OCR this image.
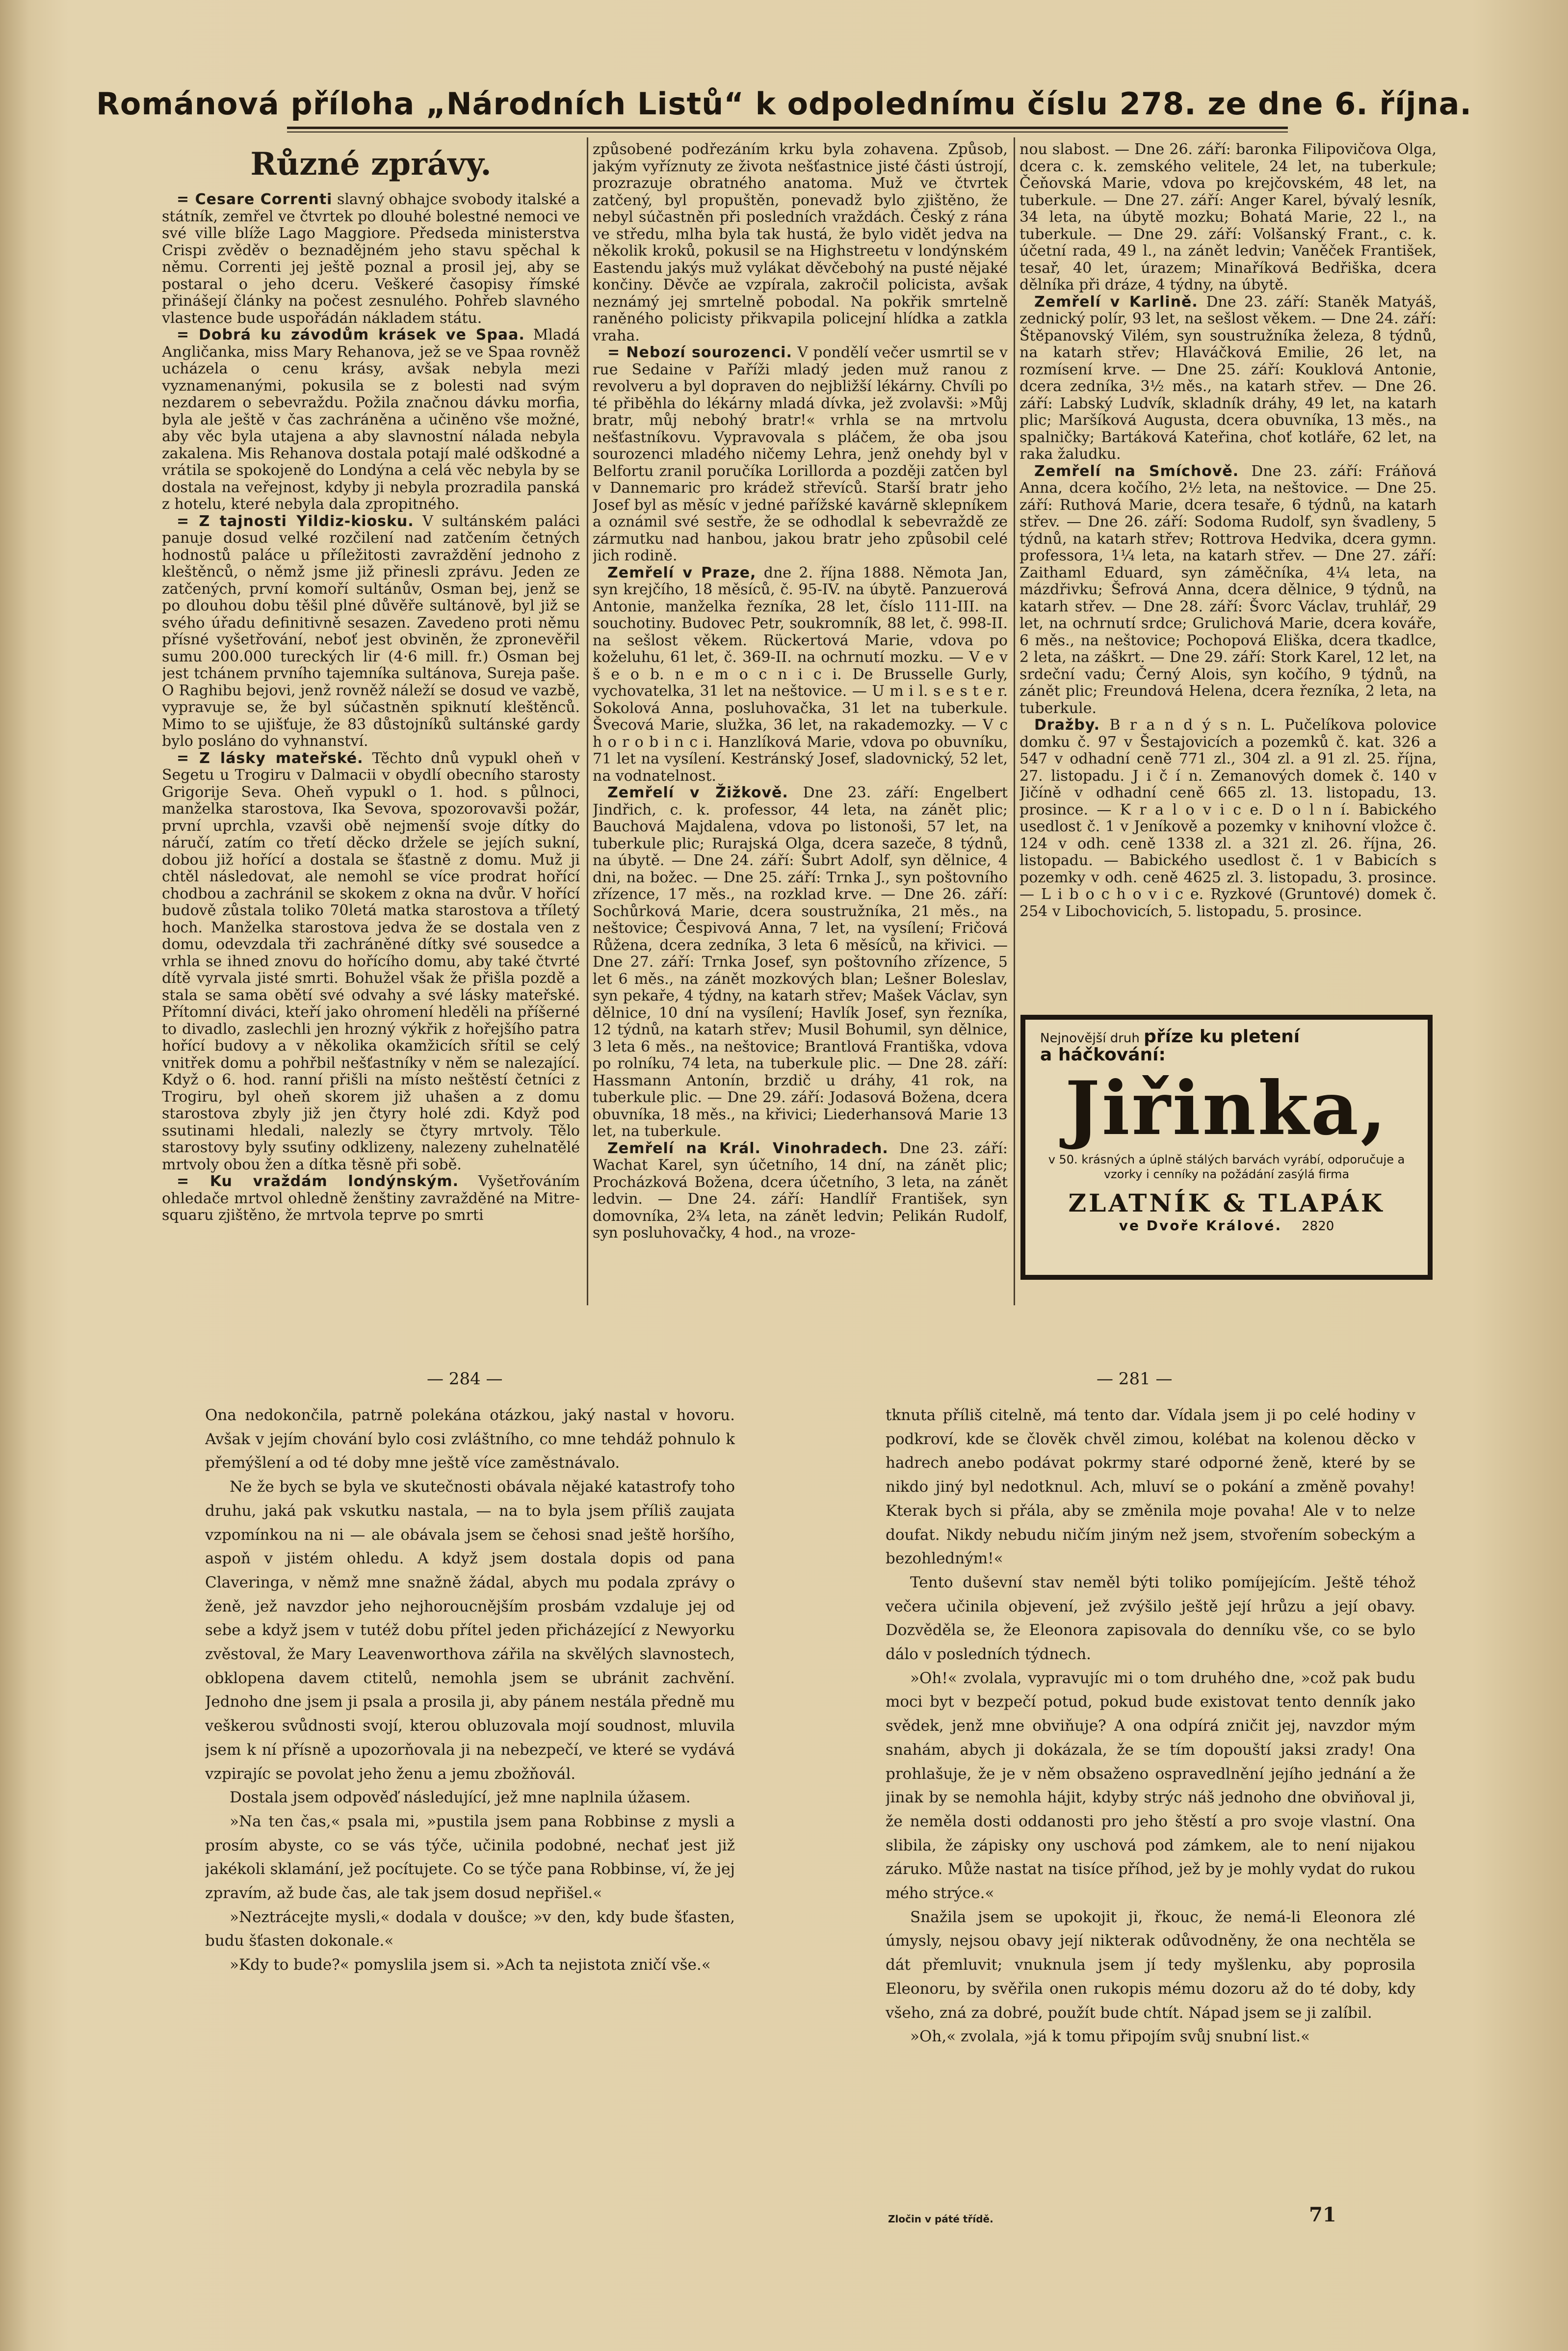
Románová příloha „Národních Listů“ k odpolednímu číslu 278. ze dne 6. října.
Různé zprávy.

= Cesare Correnti slavný obhajce svobody italské a státník, zemřel ve čtvrtek po dlouhé bolestné nemoci ve své ville blíže Lago Maggiore. Předseda ministerstva Crispi zvěděv o beznadějném jeho stavu spěchal k němu. Correnti jej ještě poznal a prosil jej, aby se postaral o jeho dceru. Veškeré časopisy římské přinášejí články na počest zesnulého. Pohřeb slavného vlastence bude uspořádán nákladem státu.

= Dobrá ku závodům krásek ve Spaa. Mladá Angličanka, miss Mary Rehanova, jež se ve Spaa rovněž ucházela o cenu krásy, avšak nebyla mezi vyznamenanými, pokusila se z bolesti nad svým nezdarem o sebevraždu. Požila značnou dávku morfia, byla ale ještě v čas zachráněna a učiněno vše možné, aby věc byla utajena a aby slavnostní nálada nebyla zakalena. Mis Rehanova dostala potají malé odškodné a vrátila se spokojeně do Londýna a celá věc nebyla by se dostala na veřejnost, kdyby ji nebyla prozradila panská z hotelu, které nebyla dala zpropitného.

= Z tajnosti Yildiz-kiosku. V sultánském paláci panuje dosud velké rozčilení nad zatčením četných hodnostů paláce u příležitosti zavraždění jednoho z kleštěnců, o němž jsme již přinesli zprávu. Jeden ze zatčených, první komoří sultánův, Osman bej, jenž se po dlouhou dobu těšil plné důvěře sultánově, byl již se svého úřadu definitivně sesazen. Zavedeno proti němu přísné vyšetřování, neboť jest obviněn, že zpronevěřil sumu 200.000 tureckých lir (4·6 mill. fr.) Osman bej jest tchánem prvního tajemníka sultánova, Sureja paše. O Raghibu bejovi, jenž rovněž náleží se dosud ve vazbě, vypravuje se, že byl súčastněn spiknutí kleštěnců. Mimo to se ujišťuje, že 83 důstojníků sultánské gardy bylo posláno do vyhnanství.

= Z lásky mateřské. Těchto dnů vypukl oheň v Segetu u Trogiru v Dalmacii v obydlí obecního starosty Grigorije Seva. Oheň vypukl o 1. hod. s půlnoci, manželka starostova, Ika Sevova, spozorovavši požár, první uprchla, vzavši obě nejmenší svoje dítky do náručí, zatím co třetí děcko držele se jejích sukní, dobou již hořící a dostala se šťastně z domu. Muž ji chtěl následovat, ale nemohl se více prodrat hořící chodbou a zachránil se skokem z okna na dvůr. V hořící budově zůstala toliko 70letá matka starostova a tříletý hoch. Manželka starostova jedva že se dostala ven z domu, odevzdala tři zachráněné dítky své sousedce a vrhla se ihned znovu do hořícího domu, aby také čtvrté dítě vyrvala jisté smrti. Bohužel však že přišla pozdě a stala se sama obětí své odvahy a své lásky mateřské. Přítomní diváci, kteří jako ohromení hleděli na příšerné to divadlo, zaslechli jen hrozný výkřik z hořejšího patra hořící budovy a v několika okamžicích sřítil se celý vnitřek domu a pohřbil nešťastníky v něm se nalezající. Když o 6. hod. ranní přišli na místo neštěstí četníci z Trogiru, byl oheň skorem již uhašen a z domu starostova zbyly již jen čtyry holé zdi. Když pod ssutinami hledali, nalezly se čtyry mrtvoly. Tělo starostovy byly ssuťiny odklizeny, nalezeny zuhelnatělé mrtvoly obou žen a dítka těsně při sobě.

= Ku vraždám londýnským. Vyšetřováním ohledače mrtvol ohledně ženštiny zavražděné na Mitre-squaru zjištěno, že mrtvola teprve po smrti

způsobené podřezáním krku byla zohavena. Způsob, jakým vyříznuty ze života nešťastnice jisté části ústrojí, prozrazuje obratného anatoma. Muž ve čtvrtek zatčený, byl propuštěn, ponevadž bylo zjištěno, že nebyl súčastněn při posledních vraždách. Český z rána ve středu, mlha byla tak hustá, že bylo vidět jedva na několik kroků, pokusil se na Highstreetu v londýnském Eastendu jakýs muž vylákat děvčebohý na pusté nějaké končiny. Děvče ae vzpírala, zakročil policista, avšak neznámý jej smrtelně pobodal. Na pokřik smrtelně raněného policisty přikvapila policejní hlídka a zatkla vraha.

= Nebozí sourozenci. V pondělí večer usmrtil se v rue Sedaine v Paříži mladý jeden muž ranou z revolveru a byl dopraven do nejbližší lékárny. Chvíli po té přiběhla do lékárny mladá dívka, jež zvolavši: »Můj bratr, můj nebohý bratr!« vrhla se na mrtvolu nešťastníkovu. Vypravovala s pláčem, že oba jsou sourozenci mladého ničemy Lehra, jenž onehdy byl v Belfortu zranil poručíka Lorillorda a později zatčen byl v Dannemaric pro krádež střevíců. Starší bratr jeho Josef byl as měsíc v jedné pařížské kavárně sklepníkem a oznámil své sestře, že se odhodlal k sebevraždě ze zármutku nad hanbou, jakou bratr jeho způsobil celé jich rodině.

Zemřelí v Praze, dne 2. října 1888. Němota Jan, syn krejčího, 18 měsíců, č. 95-IV. na úbytě. Panzuerová Antonie, manželka řezníka, 28 let, číslo 111-III. na souchotiny. Budovec Petr, soukromník, 88 let, č. 998-II. na sešlost věkem. Rückertová Marie, vdova po koželuhu, 61 let, č. 369-II. na ochrnutí mozku. — V e v š e o b. n e m o c n i c i. De Brusselle Gurly, vychovatelka, 31 let na neštovice. — U m i l. s e s t e r. Sokolová Anna, posluhovačka, 31 let na tuberkule. Švecová Marie, služka, 36 let, na rakademozky. — V c h o r o b i n c i. Hanzlíková Marie, vdova po obuvníku, 71 let na vysílení. Kestránský Josef, sladovnický, 52 let, na vodnatelnost.

Zemřelí v Žižkově. Dne 23. září: Engelbert Jindřich, c. k. professor, 44 leta, na zánět plic; Bauchová Majdalena, vdova po listonoši, 57 let, na tuberkule plic; Rurajská Olga, dcera sazeče, 8 týdnů, na úbytě. — Dne 24. září: Šubrt Adolf, syn dělnice, 4 dni, na božec. — Dne 25. září: Trnka J., syn poštovního zřízence, 17 měs., na rozklad krve. — Dne 26. září: Sochůrková Marie, dcera soustružníka, 21 měs., na neštovice; Čespivová Anna, 7 let, na vysílení; Fričová Růžena, dcera zedníka, 3 leta 6 měsíců, na křivici. — Dne 27. září: Trnka Josef, syn poštovního zřízence, 5 let 6 měs., na zánět mozkových blan; Lešner Boleslav, syn pekaře, 4 týdny, na katarh střev; Mašek Václav, syn dělnice, 10 dní na vysílení; Havlík Josef, syn řezníka, 12 týdnů, na katarh střev; Musil Bohumil, syn dělnice, 3 leta 6 měs., na neštovice; Brantlová Františka, vdova po rolníku, 74 leta, na tuberkule plic. — Dne 28. září: Hassmann Antonín, brzdič u dráhy, 41 rok, na tuberkule plic. — Dne 29. září: Jodasová Božena, dcera obuvníka, 18 měs., na křivici; Liederhansová Marie 13 let, na tuberkule.

Zemřelí na Král. Vinohradech. Dne 23. září: Wachat Karel, syn účetního, 14 dní, na zánět plic; Procházková Božena, dcera účetního, 3 leta, na zánět ledvin. — Dne 24. září: Handlíř František, syn domovníka, 2¾ leta, na zánět ledvin; Pelikán Rudolf, syn posluhovačky, 4 hod., na vroze-

nou slabost. — Dne 26. září: baronka Filipovičova Olga, dcera c. k. zemského velitele, 24 let, na tuberkule; Čeňovská Marie, vdova po krejčovském, 48 let, na tuberkule. — Dne 27. září: Anger Karel, bývalý lesník, 34 leta, na úbytě mozku; Bohatá Marie, 22 l., na tuberkule. — Dne 29. září: Volšanský Frant., c. k. účetní rada, 49 l., na zánět ledvin; Vaněček František, tesař, 40 let, úrazem; Minaříková Bedřiška, dcera dělníka při dráze, 4 týdny, na úbytě.

Zemřelí v Karlině. Dne 23. září: Staněk Matyáš, zednický polír, 93 let, na sešlost věkem. — Dne 24. září: Štěpanovský Vilém, syn soustružníka železa, 8 týdnů, na katarh střev; Hlaváčková Emilie, 26 let, na rozmísení krve. — Dne 25. září: Kouklová Antonie, dcera zedníka, 3½ měs., na katarh střev. — Dne 26. září: Labský Ludvík, skladník dráhy, 49 let, na katarh plic; Maršíková Augusta, dcera obuvníka, 13 měs., na spalničky; Bartáková Kateřina, choť kotláře, 62 let, na raka žaludku.

Zemřelí na Smíchově. Dne 23. září: Fráňová Anna, dcera kočího, 2½ leta, na neštovice. — Dne 25. září: Ruthová Marie, dcera tesaře, 6 týdnů, na katarh střev. — Dne 26. září: Sodoma Rudolf, syn švadleny, 5 týdnů, na katarh střev; Rottrova Hedvika, dcera gymn. professora, 1¼ leta, na katarh střev. — Dne 27. září: Zaithaml Eduard, syn záměčníka, 4¼ leta, na mázdřivku; Šefrová Anna, dcera dělnice, 9 týdnů, na katarh střev. — Dne 28. září: Švorc Václav, truhlář, 29 let, na ochrnutí srdce; Grulichová Marie, dcera kováře, 6 měs., na neštovice; Pochopová Eliška, dcera tkadlce, 2 leta, na záškrt. — Dne 29. září: Stork Karel, 12 let, na srdeční vadu; Černý Alois, syn kočího, 9 týdnů, na zánět plic; Freundová Helena, dcera řezníka, 2 leta, na tuberkule.

Dražby. B r a n d ý s n. L. Pučelíkova polovice domku č. 97 v Šestajovicích a pozemků č. kat. 326 a 547 v odhadní ceně 771 zl., 304 zl. a 91 zl. 25. října, 27. listopadu. J i č í n. Zemanových domek č. 140 v Jičíně v odhadní ceně 665 zl. 13. listopadu, 13. prosince. — K r a l o v i c e. D o l n í. Babického usedlost č. 1 v Jeníkově a pozemky v knihovní vložce č. 124 v odh. ceně 1338 zl. a 321 zl. 26. října, 26. listopadu. — Babického usedlost č. 1 v Babicích s pozemky v odh. ceně 4625 zl. 3. listopadu, 3. prosince. — L i b o c h o v i c e. Ryzkové (Gruntové) domek č. 254 v Libochovicích, 5. listopadu, 5. prosince.

Nejnovější druh příze ku pletení
a háčkování:
Jiřinka,
v 50. krásných a úplně stálých barvách vyrábí, odporučuje a vzorky i cenníky na požádání zasýlá firma
ZLATNÍK & TLAPÁK
ve Dvoře Králové. 2820
— 284 —	— 281 —

Ona nedokončila, patrně polekána otázkou, jaký nastal v hovoru. Avšak v jejím chování bylo cosi zvláštního, co mne tehdáž pohnulo k přemýšlení a od té doby mne ještě více zaměstnávalo.

Ne že bych se byla ve skutečnosti obávala nějaké katastrofy toho druhu, jaká pak vskutku nastala, — na to byla jsem příliš zaujata vzpomínkou na ni — ale obávala jsem se čehosi snad ještě horšího, aspoň v jistém ohledu. A když jsem dostala dopis od pana Claveringa, v němž mne snažně žádal, abych mu podala zprávy o ženě, jež navzdor jeho nejhoroucnějším prosbám vzdaluje jej od sebe a když jsem v tutéž dobu přítel jeden přicházející z Newyorku zvěstoval, že Mary Leavenworthova zářila na skvělých slavnostech, obklopena davem ctitelů, nemohla jsem se ubránit zachvění. Jednoho dne jsem ji psala a prosila ji, aby pánem nestála předně mu veškerou svůdnosti svojí, kterou obluzovala mojí soudnost, mluvila jsem k ní přísně a upozorňovala ji na nebezpečí, ve které se vydává vzpirajíc se povolat jeho ženu a jemu zbožňovál.

Dostala jsem odpověď následující, jež mne naplnila úžasem.

»Na ten čas,« psala mi, »pustila jsem pana Robbinse z mysli a prosím abyste, co se vás týče, učinila podobné, nechať jest již jakékoli sklamání, jež pocítujete. Co se týče pana Robbinse, ví, že jej zpravím, až bude čas, ale tak jsem dosud nepřišel.«

»Neztrácejte mysli,« dodala v doušce; »v den, kdy bude šťasten, budu šťasten dokonale.«

»Kdy to bude?« pomyslila jsem si. »Ach ta nejistota zničí vše.«

tknuta příliš citelně, má tento dar. Vídala jsem ji po celé hodiny v podkroví, kde se člověk chvěl zimou, kolébat na kolenou děcko v hadrech anebo podávat pokrmy staré odporné ženě, které by se nikdo jiný byl nedotknul. Ach, mluví se o pokání a změně povahy! Kterak bych si přála, aby se změnila moje povaha! Ale v to nelze doufat. Nikdy nebudu ničím jiným než jsem, stvořením sobeckým a bezohledným!«

Tento duševní stav neměl býti toliko pomíjejícím. Ještě téhož večera učinila objevení, jež zvýšilo ještě její hrůzu a její obavy. Dozvěděla se, že Eleonora zapisovala do denníku vše, co se bylo dálo v posledních týdnech.

»Oh!« zvolala, vypravujíc mi o tom druhého dne, »což pak budu moci byt v bezpečí potud, pokud bude existovat tento denník jako svědek, jenž mne obviňuje? A ona odpírá zničit jej, navzdor mým snahám, abych ji dokázala, že se tím dopouští jaksi zrady! Ona prohlašuje, že je v něm obsaženo ospravedlnění jejího jednání a že jinak by se nemohla hájit, kdyby strýc náš jednoho dne obviňoval ji, že neměla dosti oddanosti pro jeho štěstí a pro svoje vlastní. Ona slibila, že zápisky ony uschová pod zámkem, ale to není nijakou záruko. Může nastat na tisíce příhod, jež by je mohly vydat do rukou mého strýce.«

Snažila jsem se upokojit ji, řkouc, že nemá-li Eleonora zlé úmysly, nejsou obavy její nikterak odůvodněny, že ona nechtěla se dát přemluvit; vnuknula jsem jí tedy myšlenku, aby poprosila Eleonoru, by svěřila onen rukopis mému dozoru až do té doby, kdy všeho, zná za dobré, použít bude chtít. Nápad jsem se ji zalíbil.

»Oh,« zvolala, »já k tomu připojím svůj snubní list.«

Zločin v páté třídě.	71
